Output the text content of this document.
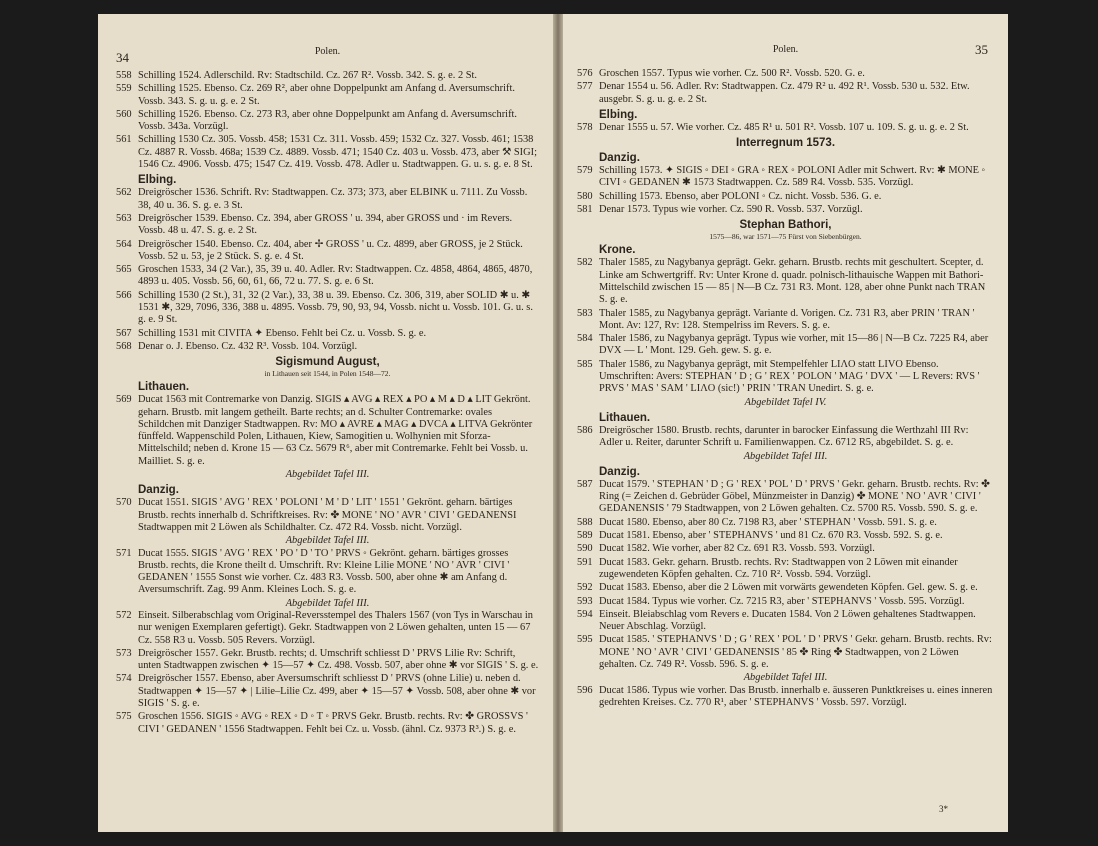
34	Polen.
558 Schilling 1524. Adlerschild. Rv: Stadtschild. Cz. 267 R². Vossb. 342. S. g. e. 2 St.
559 Schilling 1525. Ebenso. Cz. 269 R², aber ohne Doppelpunkt am Anfang d. Aversumschrift. Vossb. 343. S. g. u. g. e. 2 St.
560 Schilling 1526. Ebenso. Cz. 273 R3, aber ohne Doppelpunkt am Anfang d. Aversumschrift. Vossb. 343a. Vorzügl.
561 Schilling 1530 Cz. 305. Vossb. 458; 1531 Cz. 311. Vossb. 459; 1532 Cz. 327. Vossb. 461; 1538 Cz. 4887 R. Vossb. 468a; 1539 Cz. 4889. Vossb. 471; 1540 Cz. 403 u. Vossb. 473, aber ⚒ SIGI; 1546 Cz. 4906. Vossb. 475; 1547 Cz. 419. Vossb. 478. Adler u. Stadtwappen. G. u. s. g. e. 8 St.
Elbing.
562 Dreigröscher 1536. Schrift. Rv: Stadtwappen. Cz. 373; 373, aber ELBINK u. 7111. Zu Vossb. 38, 40 u. 36. S. g. e. 3 St.
563 Dreigröscher 1539. Ebenso. Cz. 394, aber GROSS ' u. 394, aber GROSS und · im Revers. Vossb. 48 u. 47. S. g. e. 2 St.
564 Dreigröscher 1540. Ebenso. Cz. 404, aber ✢ GROSS ' u. Cz. 4899, aber GROSS, je 2 Stück. Vossb. 52 u. 53, je 2 Stück. S. g. e. 4 St.
565 Groschen 1533, 34 (2 Var.), 35, 39 u. 40. Adler. Rv: Stadtwappen. Cz. 4858, 4864, 4865, 4870, 4893 u. 405. Vossb. 56, 60, 61, 66, 72 u. 77. S. g. e. 6 St.
566 Schilling 1530 (2 St.), 31, 32 (2 Var.), 33, 38 u. 39. Ebenso. Cz. 306, 319, aber SOLID ✱ u. ✱ 1531 ✱, 329, 7096, 336, 388 u. 4895. Vossb. 79, 90, 93, 94, Vossb. nicht u. Vossb. 101. G. u. s. g. e. 9 St.
567 Schilling 1531 mit CIVITA ✦ Ebenso. Fehlt bei Cz. u. Vossb. S. g. e.
568 Denar o. J. Ebenso. Cz. 432 R³. Vossb. 104. Vorzügl.
Sigismund August,
in Lithauen seit 1544, in Polen 1548—72.
Lithauen.
569 Ducat 1563 mit Contremarke von Danzig. SIGIS ▴ AVG ▴ REX ▴ PO ▴ M ▴ D ▴ LIT Gekrönt. geharn. Brustb. mit langem getheilt. Barte rechts; an d. Schulter Contremarke: ovales Schildchen mit Danziger Stadtwappen. Rv: MO ▴ AVRE ▴ MAG ▴ DVCA ▴ LITVA Gekrönter fünffeld. Wappenschild Polen, Lithauen, Kiew, Samogitien u. Wolhynien mit Sforza-Mittelschild; neben d. Krone 15 — 63 Cz. 5679 R⁶, aber mit Contremarke. Fehlt bei Vossb. u. Mailliet. S. g. e.
Abgebildet Tafel III.
Danzig.
570 Ducat 1551. SIGIS ' AVG ' REX ' POLONI ' M ' D ' LIT ' 1551 ' Gekrönt. geharn. bärtiges Brustb. rechts innerhalb d. Schriftkreises. Rv: ✤ MONE ' NO ' AVR ' CIVI ' GEDANENSI Stadtwappen mit 2 Löwen als Schildhalter. Cz. 472 R4. Vossb. nicht. Vorzügl.
Abgebildet Tafel III.
571 Ducat 1555. SIGIS ' AVG ' REX ' PO ' D ' TO ' PRVS ◦ Gekrönt. geharn. bärtiges grosses Brustb. rechts, die Krone theilt d. Umschrift. Rv: Kleine Lilie MONE ' NO ' AVR ' CIVI ' GEDANEN ' 1555 Sonst wie vorher. Cz. 483 R3. Vossb. 500, aber ohne ✱ am Anfang d. Aversumschrift. Zag. 99 Anm. Kleines Loch. S. g. e.
Abgebildet Tafel III.
572 Einseit. Silberabschlag vom Original-Reversstempel des Thalers 1567 (von Tys in Warschau in nur wenigen Exemplaren gefertigt). Gekr. Stadtwappen von 2 Löwen gehalten, unten 15 — 67 Cz. 558 R3 u. Vossb. 505 Revers. Vorzügl.
573 Dreigröscher 1557. Gekr. Brustb. rechts; d. Umschrift schliesst D ' PRVS Lilie Rv: Schrift, unten Stadtwappen zwischen ✦ 15—57 ✦ Cz. 498. Vossb. 507, aber ohne ✱ vor SIGIS ' S. g. e.
574 Dreigröscher 1557. Ebenso, aber Aversumschrift schliesst D ' PRVS (ohne Lilie) u. neben d. Stadtwappen ✦ 15—57 ✦ | Lilie–Lilie Cz. 499, aber ✦ 15—57 ✦ Vossb. 508, aber ohne ✱ vor SIGIS ' S. g. e.
575 Groschen 1556. SIGIS ◦ AVG ◦ REX ◦ D ◦ T ◦ PRVS Gekr. Brustb. rechts. Rv: ✤ GROSSVS ' CIVI ' GEDANEN ' 1556 Stadtwappen. Fehlt bei Cz. u. Vossb. (ähnl. Cz. 9373 R³.) S. g. e.
Polen.	35
576 Groschen 1557. Typus wie vorher. Cz. 500 R². Vossb. 520. G. e.
577 Denar 1554 u. 56. Adler. Rv: Stadtwappen. Cz. 479 R² u. 492 R¹. Vossb. 530 u. 532. Etw. ausgebr. S. g. u. g. e. 2 St.
Elbing.
578 Denar 1555 u. 57. Wie vorher. Cz. 485 R¹ u. 501 R². Vossb. 107 u. 109. S. g. u. g. e. 2 St.
Interregnum 1573.
Danzig.
579 Schilling 1573. ✦ SIGIS ◦ DEI ◦ GRA ◦ REX ◦ POLONI Adler mit Schwert. Rv: ✱ MONE ◦ CIVI ◦ GEDANEN ✱ 1573 Stadtwappen. Cz. 589 R4. Vossb. 535. Vorzügl.
580 Schilling 1573. Ebenso, aber POLONI ◦ Cz. nicht. Vossb. 536. G. e.
581 Denar 1573. Typus wie vorher. Cz. 590 R. Vossb. 537. Vorzügl.
Stephan Bathori,
1575—86, war 1571—75 Fürst von Siebenbürgen.
Krone.
582 Thaler 1585, zu Nagybanya geprägt. Gekr. geharn. Brustb. rechts mit geschultert. Scepter, d. Linke am Schwertgriff. Rv: Unter Krone d. quadr. polnisch-lithauische Wappen mit Bathori-Mittelschild zwischen 15 — 85 | N—B Cz. 731 R3. Mont. 128, aber ohne Punkt nach TRAN S. g. e.
583 Thaler 1585, zu Nagybanya geprägt. Variante d. Vorigen. Cz. 731 R3, aber PRIN ' TRAN ' Mont. Av: 127, Rv: 128. Stempelriss im Revers. S. g. e.
584 Thaler 1586, zu Nagybanya geprägt. Typus wie vorher, mit 15—86 | N—B Cz. 7225 R4, aber DVX — L ' Mont. 129. Geh. gew. S. g. e.
585 Thaler 1586, zu Nagybanya geprägt, mit Stempelfehler LIΛO statt LIVO Ebenso. Umschriften: Avers: STEPHAN ' D ; G ' REX ' POLON ' MAG ' DVX ' — L Revers: RVS ' PRVS ' MAS ' SAM ' LIΛO (sic!) ' PRIN ' TRAN Unedirt. S. g. e.
Abgebildet Tafel IV.
Lithauen.
586 Dreigröscher 1580. Brustb. rechts, darunter in barocker Einfassung die Werthzahl III Rv: Adler u. Reiter, darunter Schrift u. Familienwappen. Cz. 6712 R5, abgebildet. S. g. e.
Abgebildet Tafel III.
Danzig.
587 Ducat 1579. ' STEPHAN ' D ; G ' REX ' POL ' D ' PRVS ' Gekr. geharn. Brustb. rechts. Rv: ✤ Ring (= Zeichen d. Gebrüder Göbel, Münzmeister in Danzig) ✤ MONE ' NO ' AVR ' CIVI ' GEDANENSIS ' 79 Stadtwappen, von 2 Löwen gehalten. Cz. 5700 R5. Vossb. 590. S. g. e.
588 Ducat 1580. Ebenso, aber 80 Cz. 7198 R3, aber ' STEPHAN ' Vossb. 591. S. g. e.
589 Ducat 1581. Ebenso, aber ' STEPHANVS ' und 81 Cz. 670 R3. Vossb. 592. S. g. e.
590 Ducat 1582. Wie vorher, aber 82 Cz. 691 R3. Vossb. 593. Vorzügl.
591 Ducat 1583. Gekr. geharn. Brustb. rechts. Rv: Stadtwappen von 2 Löwen mit einander zugewendeten Köpfen gehalten. Cz. 710 R². Vossb. 594. Vorzügl.
592 Ducat 1583. Ebenso, aber die 2 Löwen mit vorwärts gewendeten Köpfen. Gel. gew. S. g. e.
593 Ducat 1584. Typus wie vorher. Cz. 7215 R3, aber ' STEPHANVS ' Vossb. 595. Vorzügl.
594 Einseit. Bleiabschlag vom Revers e. Ducaten 1584. Von 2 Löwen gehaltenes Stadtwappen. Neuer Abschlag. Vorzügl.
595 Ducat 1585. ' STEPHANVS ' D ; G ' REX ' POL ' D ' PRVS ' Gekr. geharn. Brustb. rechts. Rv: MONE ' NO ' AVR ' CIVI ' GEDANENSIS ' 85 ✤ Ring ✤ Stadtwappen, von 2 Löwen gehalten. Cz. 749 R². Vossb. 596. S. g. e.
Abgebildet Tafel III.
596 Ducat 1586. Typus wie vorher. Das Brustb. innerhalb e. äusseren Punktkreises u. eines inneren gedrehten Kreises. Cz. 770 R¹, aber ' STEPHANVS ' Vossb. 597. Vorzügl.
3*
